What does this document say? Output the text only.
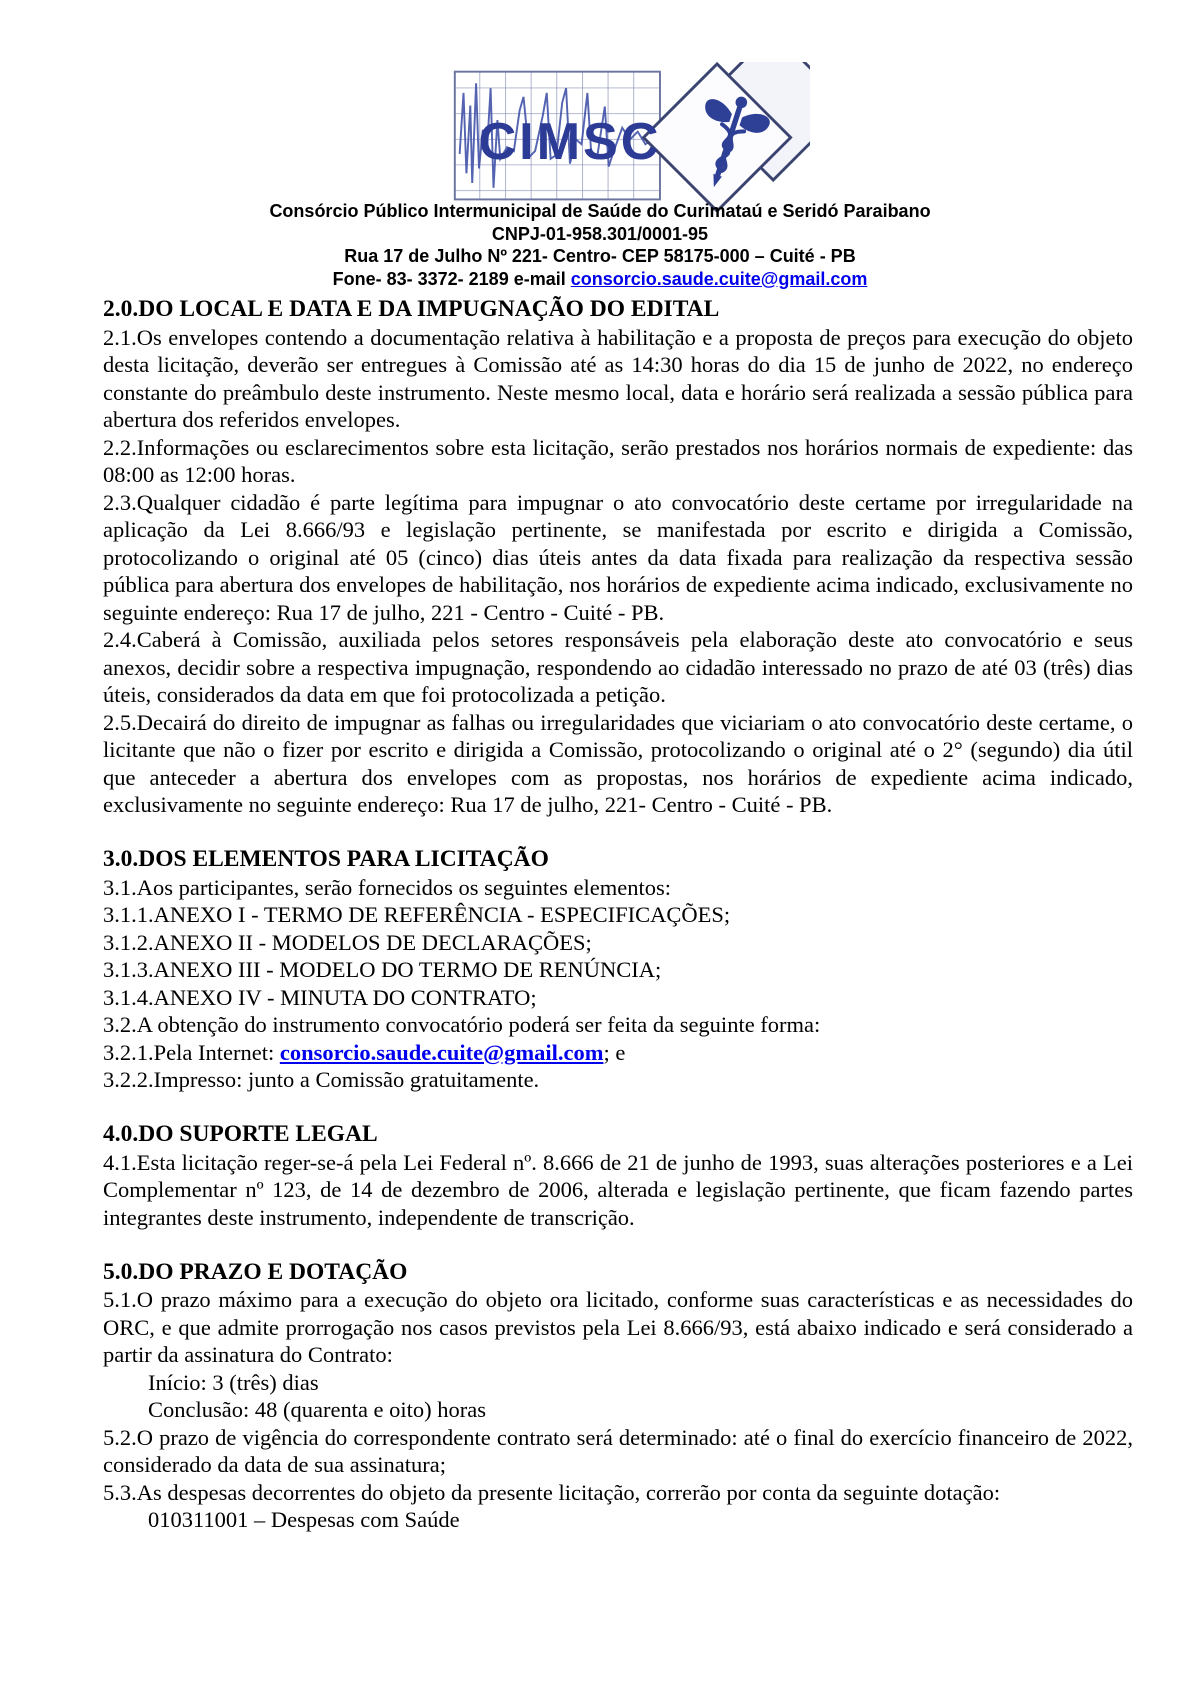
CIMSC
Consórcio Público Intermunicipal de Saúde do Curimataú e Seridó Paraibano
CNPJ-01-958.301/0001-95
Rua 17 de Julho Nº 221- Centro- CEP 58175-000 – Cuité - PB
Fone- 83- 3372- 2189 e-mail consorcio.saude.cuite@gmail.com

2.0.DO LOCAL E DATA E DA IMPUGNAÇÃO DO EDITAL

2.1.Os envelopes contendo a documentação relativa à habilitação e a proposta de preços para execução do objeto desta licitação, deverão ser entregues à Comissão até as 14:30 horas do dia 15 de junho de 2022, no endereço constante do preâmbulo deste instrumento. Neste mesmo local, data e horário será realizada a sessão pública para abertura dos referidos envelopes.

2.2.Informações ou esclarecimentos sobre esta licitação, serão prestados nos horários normais de expediente: das 08:00 as 12:00 horas.

2.3.Qualquer cidadão é parte legítima para impugnar o ato convocatório deste certame por irregularidade na aplicação da Lei 8.666/93 e legislação pertinente, se manifestada por escrito e dirigida a Comissão, protocolizando o original até 05 (cinco) dias úteis antes da data fixada para realização da respectiva sessão pública para abertura dos envelopes de habilitação, nos horários de expediente acima indicado, exclusivamente no seguinte endereço: Rua 17 de julho, 221 - Centro - Cuité - PB.

2.4.Caberá à Comissão, auxiliada pelos setores responsáveis pela elaboração deste ato convocatório e seus anexos, decidir sobre a respectiva impugnação, respondendo ao cidadão interessado no prazo de até 03 (três) dias úteis, considerados da data em que foi protocolizada a petição.

2.5.Decairá do direito de impugnar as falhas ou irregularidades que viciariam o ato convocatório deste certame, o licitante que não o fizer por escrito e dirigida a Comissão, protocolizando o original até o 2° (segundo) dia útil que anteceder a abertura dos envelopes com as propostas, nos horários de expediente acima indicado, exclusivamente no seguinte endereço: Rua 17 de julho, 221- Centro - Cuité - PB.

3.0.DOS ELEMENTOS PARA LICITAÇÃO

3.1.Aos participantes, serão fornecidos os seguintes elementos:

3.1.1.ANEXO I - TERMO DE REFERÊNCIA - ESPECIFICAÇÕES;

3.1.2.ANEXO II - MODELOS DE DECLARAÇÕES;

3.1.3.ANEXO III - MODELO DO TERMO DE RENÚNCIA;

3.1.4.ANEXO IV - MINUTA DO CONTRATO;

3.2.A obtenção do instrumento convocatório poderá ser feita da seguinte forma:

3.2.1.Pela Internet: consorcio.saude.cuite@gmail.com; e

3.2.2.Impresso: junto a Comissão gratuitamente.

4.0.DO SUPORTE LEGAL

4.1.Esta licitação reger-se-á pela Lei Federal nº. 8.666 de 21 de junho de 1993, suas alterações posteriores e a Lei Complementar nº 123, de 14 de dezembro de 2006, alterada e legislação pertinente, que ficam fazendo partes integrantes deste instrumento, independente de transcrição.

5.0.DO PRAZO E DOTAÇÃO

5.1.O prazo máximo para a execução do objeto ora licitado, conforme suas características e as necessidades do ORC, e que admite prorrogação nos casos previstos pela Lei 8.666/93, está abaixo indicado e será considerado a partir da assinatura do Contrato:

Início: 3 (três) dias

Conclusão: 48 (quarenta e oito) horas

5.2.O prazo de vigência do correspondente contrato será determinado: até o final do exercício financeiro de 2022, considerado da data de sua assinatura;

5.3.As despesas decorrentes do objeto da presente licitação, correrão por conta da seguinte dotação:

010311001 – Despesas com Saúde
